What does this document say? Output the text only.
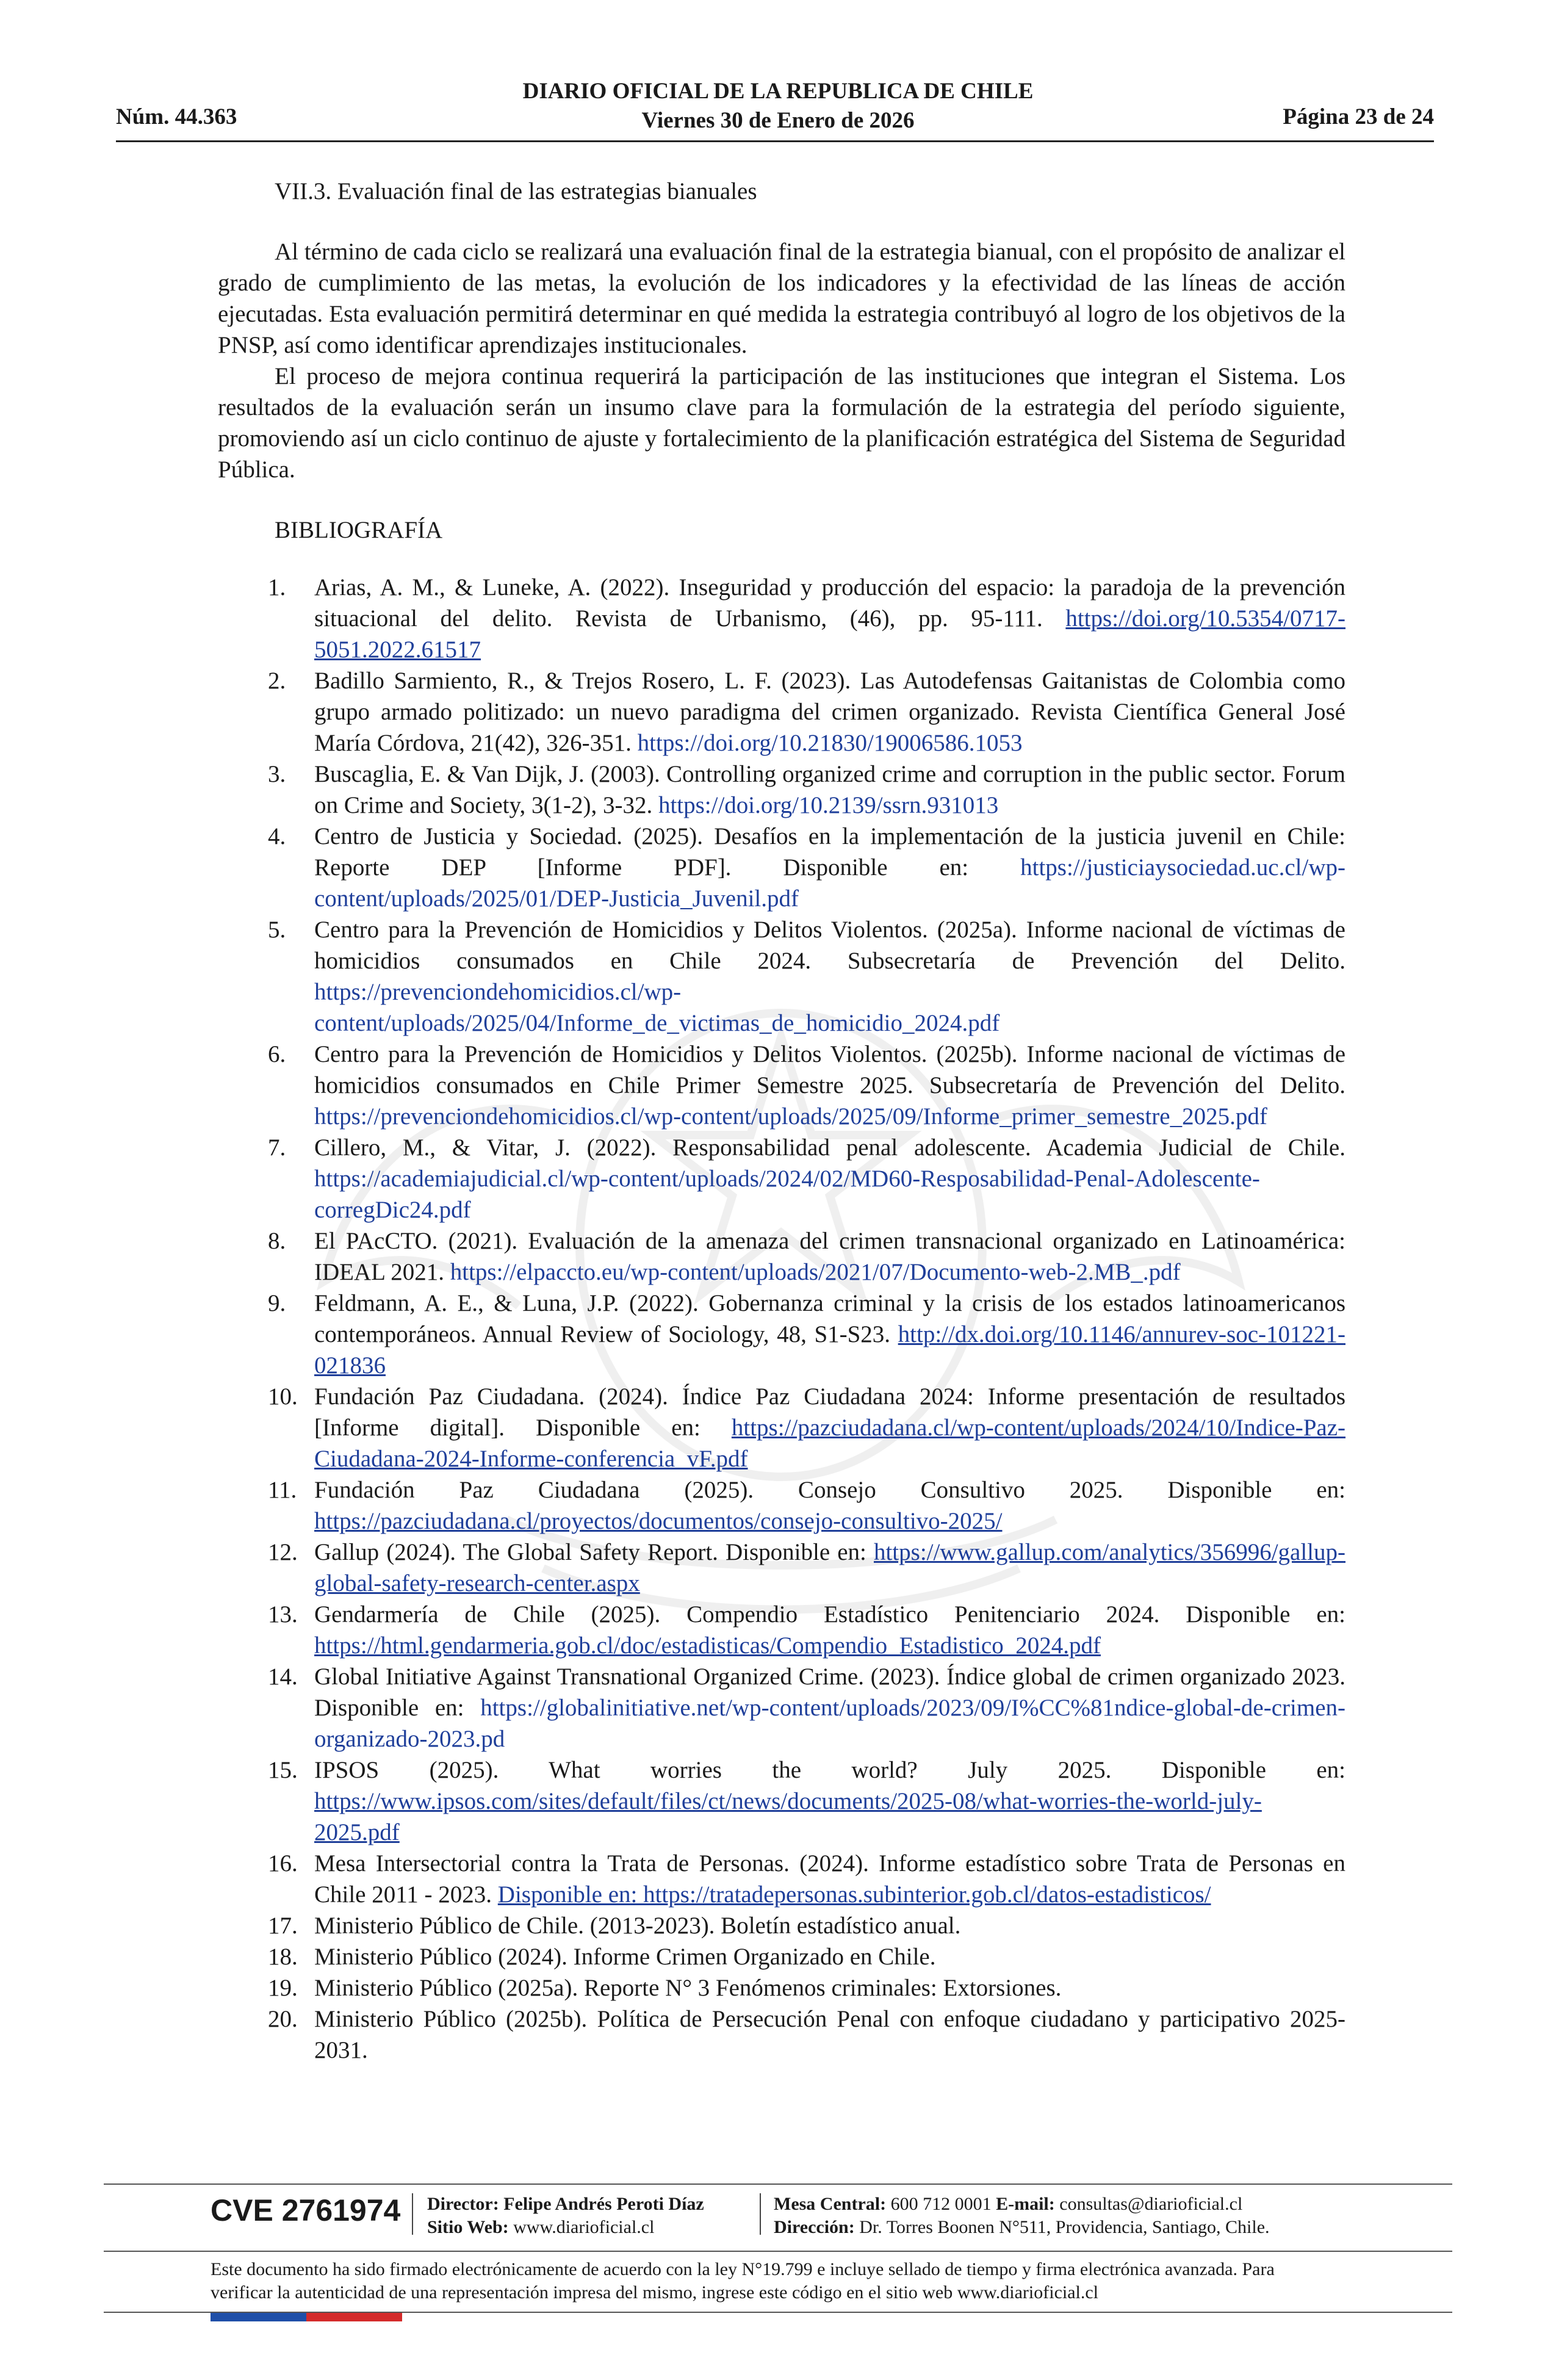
Núm. 44.363
DIARIO OFICIAL DE LA REPUBLICA DE CHILE
Viernes 30 de Enero de 2026	Página 23 de 24
VII.3. Evaluación final de las estrategias bianuales

Al término de cada ciclo se realizará una evaluación final de la estrategia bianual, con el propósito de analizar el grado de cumplimiento de las metas, la evolución de los indicadores y la efectividad de las líneas de acción ejecutadas. Esta evaluación permitirá determinar en qué medida la estrategia contribuyó al logro de los objetivos de la PNSP, así como identificar aprendizajes institucionales.

El proceso de mejora continua requerirá la participación de las instituciones que integran el Sistema. Los resultados de la evaluación serán un insumo clave para la formulación de la estrategia del período siguiente, promoviendo así un ciclo continuo de ajuste y fortalecimiento de la planificación estratégica del Sistema de Seguridad Pública.

BIBLIOGRAFÍA
1. Arias, A. M., & Luneke, A. (2022). Inseguridad y producción del espacio: la paradoja de la prevención situacional del delito. Revista de Urbanismo, (46), pp. 95-111. https://doi.org/10.5354/0717-5051.2022.61517
2. Badillo Sarmiento, R., & Trejos Rosero, L. F. (2023). Las Autodefensas Gaitanistas de Colombia como grupo armado politizado: un nuevo paradigma del crimen organizado. Revista Científica General José María Córdova, 21(42), 326-351. https://doi.org/10.21830/19006586.1053
3. Buscaglia, E. & Van Dijk, J. (2003). Controlling organized crime and corruption in the public sector. Forum on Crime and Society, 3(1-2), 3-32. https://doi.org/10.2139/ssrn.931013
4. Centro de Justicia y Sociedad. (2025). Desafíos en la implementación de la justicia juvenil en Chile: Reporte DEP [Informe PDF]. Disponible en: https://justiciaysociedad.uc.cl/wp-content/uploads/2025/01/DEP-Justicia_Juvenil.pdf
5. Centro para la Prevención de Homicidios y Delitos Violentos. (2025a). Informe nacional de víctimas de homicidios consumados en Chile 2024. Subsecretaría de Prevención del Delito. https://prevenciondehomicidios.cl/wp-content/uploads/2025/04/Informe_de_victimas_de_homicidio_2024.pdf
6. Centro para la Prevención de Homicidios y Delitos Violentos. (2025b). Informe nacional de víctimas de homicidios consumados en Chile Primer Semestre 2025. Subsecretaría de Prevención del Delito. https://prevenciondehomicidios.cl/wp-content/uploads/2025/09/Informe_primer_semestre_2025.pdf
7. Cillero, M., & Vitar, J. (2022). Responsabilidad penal adolescente. Academia Judicial de Chile. https://academiajudicial.cl/wp-content/uploads/2024/02/MD60-Resposabilidad-Penal-Adolescente-corregDic24.pdf
8. El PAcCTO. (2021). Evaluación de la amenaza del crimen transnacional organizado en Latinoamérica: IDEAL 2021. https://elpaccto.eu/wp-content/uploads/2021/07/Documento-web-2.MB_.pdf
9. Feldmann, A. E., & Luna, J.P. (2022). Gobernanza criminal y la crisis de los estados latinoamericanos contemporáneos. Annual Review of Sociology, 48, S1-S23. http://dx.doi.org/10.1146/annurev-soc-101221-021836
10. Fundación Paz Ciudadana. (2024). Índice Paz Ciudadana 2024: Informe presentación de resultados [Informe digital]. Disponible en: https://pazciudadana.cl/wp-content/uploads/2024/10/Indice-Paz-Ciudadana-2024-Informe-conferencia_vF.pdf
11. Fundación Paz Ciudadana (2025). Consejo Consultivo 2025. Disponible en: https://pazciudadana.cl/proyectos/documentos/consejo-consultivo-2025/
12. Gallup (2024). The Global Safety Report. Disponible en: https://www.gallup.com/analytics/356996/gallup-global-safety-research-center.aspx
13. Gendarmería de Chile (2025). Compendio Estadístico Penitenciario 2024. Disponible en: https://html.gendarmeria.gob.cl/doc/estadisticas/Compendio_Estadistico_2024.pdf
14. Global Initiative Against Transnational Organized Crime. (2023). Índice global de crimen organizado 2023. Disponible en: https://globalinitiative.net/wp-content/uploads/2023/09/I%CC%81ndice-global-de-crimen-organizado-2023.pd
15. IPSOS (2025). What worries the world? July 2025. Disponible en: https://www.ipsos.com/sites/default/files/ct/news/documents/2025-08/what-worries-the-world-july-2025.pdf
16. Mesa Intersectorial contra la Trata de Personas. (2024). Informe estadístico sobre Trata de Personas en Chile 2011 - 2023. Disponible en: https://tratadepersonas.subinterior.gob.cl/datos-estadisticos/
17. Ministerio Público de Chile. (2013-2023). Boletín estadístico anual.
18. Ministerio Público (2024). Informe Crimen Organizado en Chile.
19. Ministerio Público (2025a). Reporte N° 3 Fenómenos criminales: Extorsiones.
20. Ministerio Público (2025b). Política de Persecución Penal con enfoque ciudadano y participativo 2025-2031.
CVE 2761974 Director: Felipe Andrés Peroti Díaz
Sitio Web: www.diarioficial.cl
Mesa Central: 600 712 0001 E-mail: consultas@diarioficial.cl
Dirección: Dr. Torres Boonen N°511, Providencia, Santiago, Chile.
Este documento ha sido firmado electrónicamente de acuerdo con la ley N°19.799 e incluye sellado de tiempo y firma electrónica avanzada. Para verificar la autenticidad de una representación impresa del mismo, ingrese este código en el sitio web www.diarioficial.cl
